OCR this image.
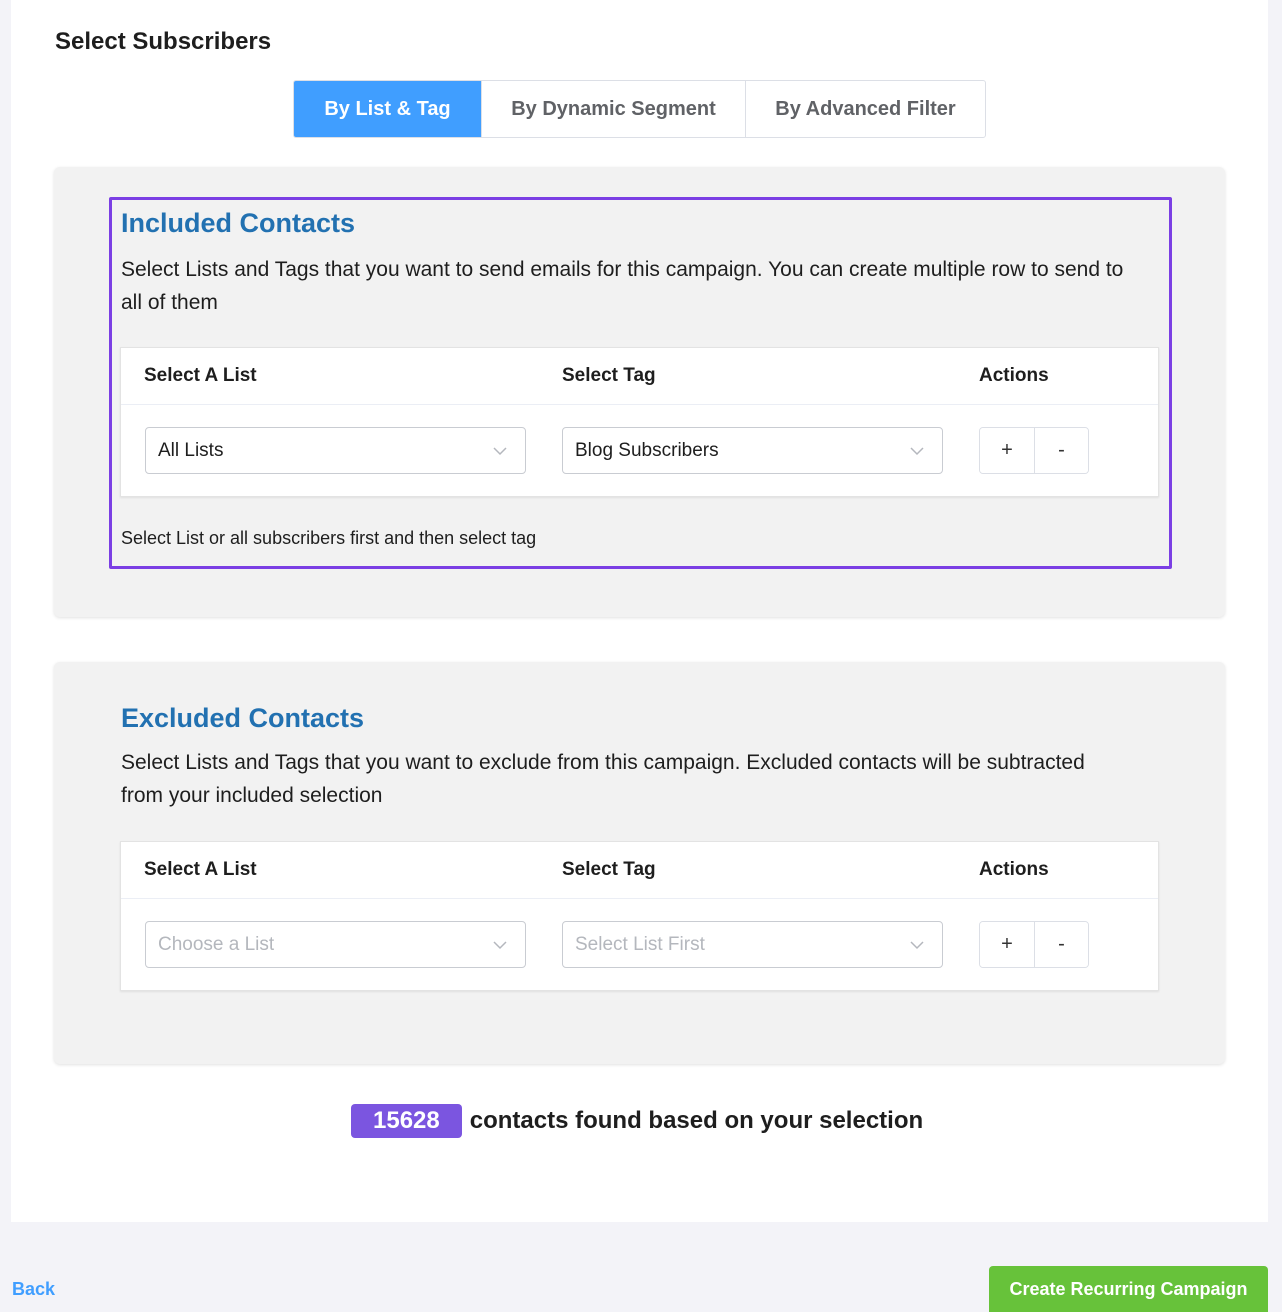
Select Subscribers
By List & Tag	By Dynamic Segment	By Advanced Filter
Included Contacts
Select Lists and Tags that you want to send emails for this campaign. You can create multiple row to send to all of them
Select A List	Select Tag	Actions
All Lists	Blog Subscribers	+	-
Select List or all subscribers first and then select tag
Excluded Contacts
Select Lists and Tags that you want to exclude from this campaign. Excluded contacts will be subtracted from your included selection
Select A List	Select Tag	Actions
Choose a List	Select List First	+	-
15628	contacts found based on your selection
Back	Create Recurring Campaign
